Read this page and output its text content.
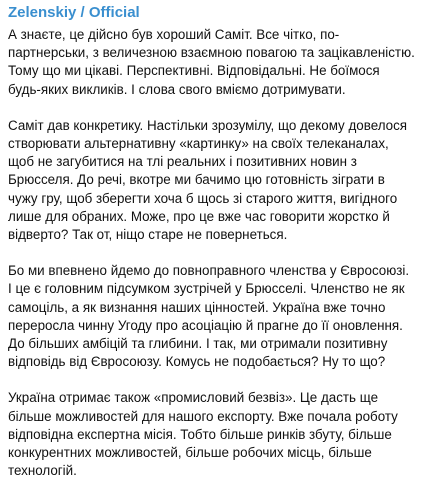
Zelenskiy / Official

А знаєте, це дійсно був хороший Саміт. Все чітко, по-партнерськи, з величезною взаємною повагою та зацікавленістю. Тому що ми цікаві. Перспективні. Відповідальні. Не боїмося будь-яких викликів. І слова свого вміємо дотримувати.

Саміт дав конкретику. Настільки зрозумілу, що декому довелося створювати альтернативну «картинку» на своїх телеканалах, щоб не загубитися на тлі реальних і позитивних новин з Брюсселя. До речі, вкотре ми бачимо цю готовність зіграти в чужу гру, щоб зберегти хоча б щось зі старого життя, вигідного лише для обраних. Може, про це вже час говорити жорстко й відверто? Так от, ніщо старе не повернеться.

Бо ми впевнено йдемо до повноправного членства у Євросоюзі. І це є головним підсумком зустрічей у Брюсселі. Членство не як самоціль, а як визнання наших цінностей. Україна вже точно переросла чинну Угоду про асоціацію й прагне до її оновлення. До більших амбіцій та глибини. І так, ми отримали позитивну відповідь від Євросоюзу. Комусь не подобається? Ну то що?

Україна отримає також «промисловий безвіз». Це дасть ще більше можливостей для нашого експорту. Вже почала роботу відповідна експертна місія. Тобто більше ринків збуту, більше конкурентних можливостей, більше робочих місць, більше технологій.
